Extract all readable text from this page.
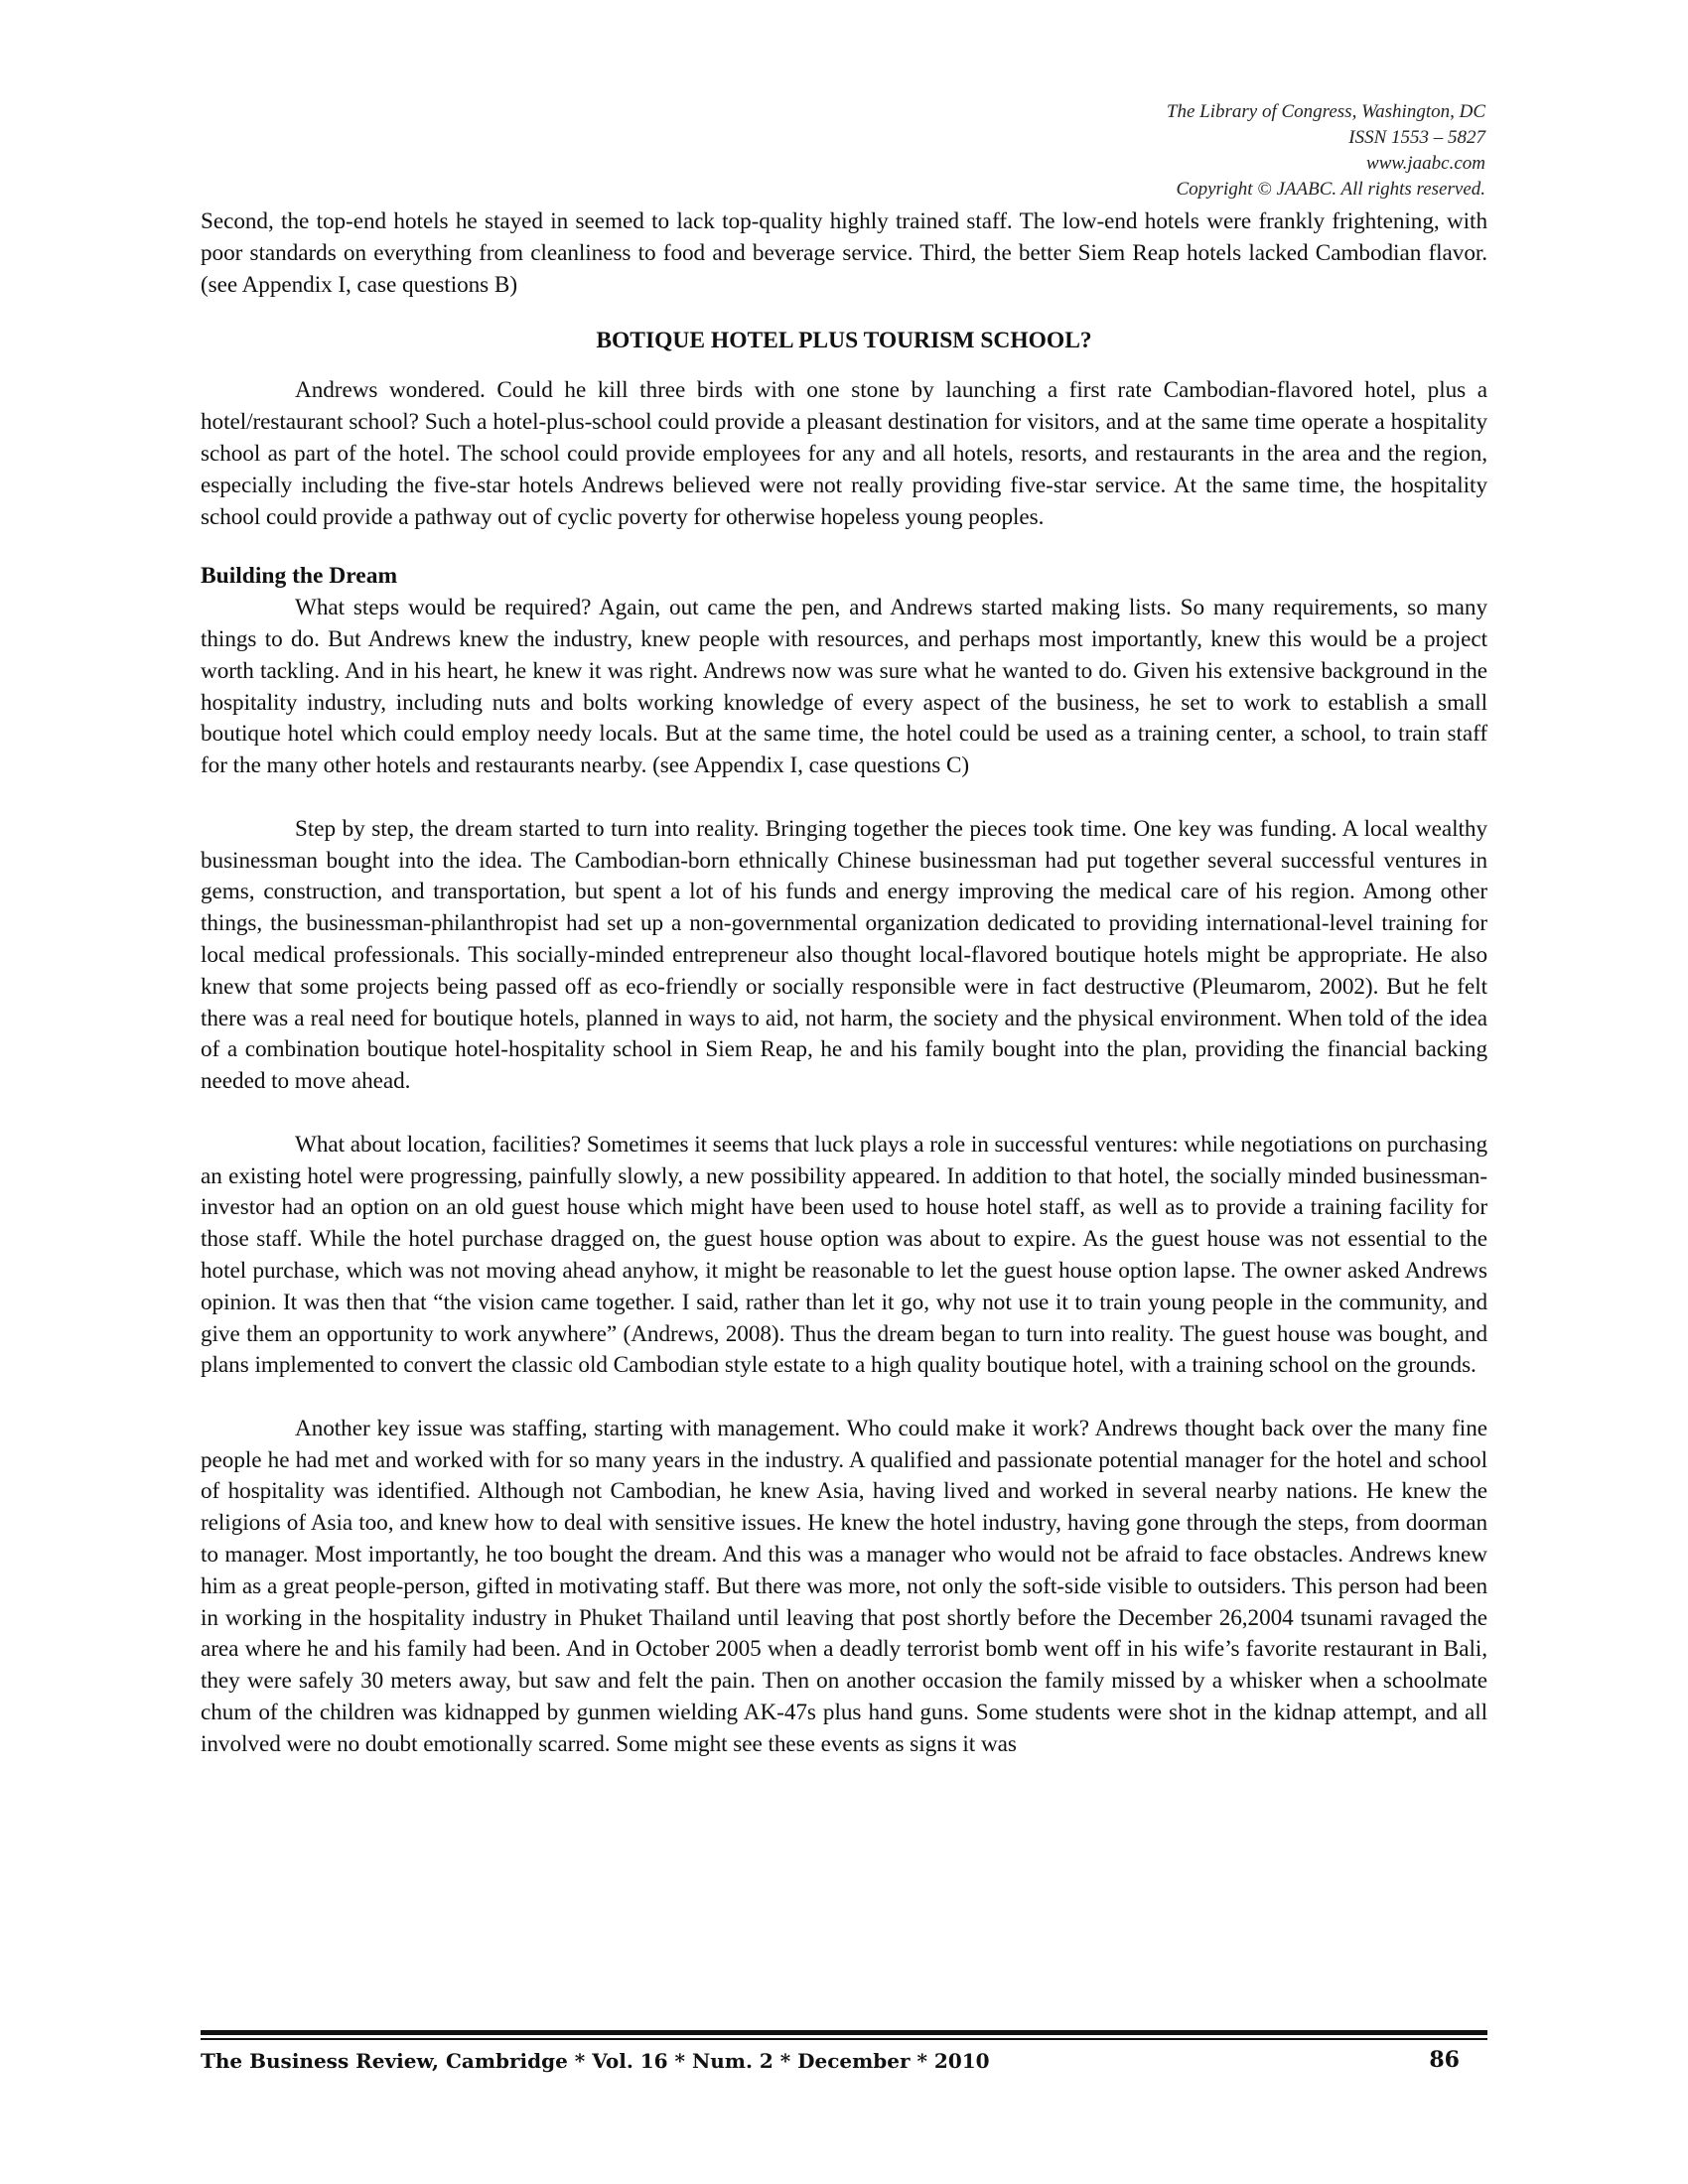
The Library of Congress, Washington, DC
ISSN 1553 – 5827
www.jaabc.com
Copyright © JAABC. All rights reserved.

Second, the top-end hotels he stayed in seemed to lack top-quality highly trained staff. The low-end hotels were frankly frightening, with poor standards on everything from cleanliness to food and beverage service. Third, the better Siem Reap hotels lacked Cambodian flavor. (see Appendix I, case questions B)

BOTIQUE HOTEL PLUS TOURISM SCHOOL?

Andrews wondered. Could he kill three birds with one stone by launching a first rate Cambodian-flavored hotel, plus a hotel/restaurant school? Such a hotel-plus-school could provide a pleasant destination for visitors, and at the same time operate a hospitality school as part of the hotel. The school could provide employees for any and all hotels, resorts, and restaurants in the area and the region, especially including the five-star hotels Andrews believed were not really providing five-star service. At the same time, the hospitality school could provide a pathway out of cyclic poverty for otherwise hopeless young peoples.

Building the Dream

What steps would be required? Again, out came the pen, and Andrews started making lists. So many requirements, so many things to do. But Andrews knew the industry, knew people with resources, and perhaps most importantly, knew this would be a project worth tackling. And in his heart, he knew it was right. Andrews now was sure what he wanted to do. Given his extensive background in the hospitality industry, including nuts and bolts working knowledge of every aspect of the business, he set to work to establish a small boutique hotel which could employ needy locals. But at the same time, the hotel could be used as a training center, a school, to train staff for the many other hotels and restaurants nearby. (see Appendix I, case questions C)

Step by step, the dream started to turn into reality. Bringing together the pieces took time. One key was funding. A local wealthy businessman bought into the idea. The Cambodian-born ethnically Chinese businessman had put together several successful ventures in gems, construction, and transportation, but spent a lot of his funds and energy improving the medical care of his region. Among other things, the businessman-philanthropist had set up a non-governmental organization dedicated to providing international-level training for local medical professionals. This socially-minded entrepreneur also thought local-flavored boutique hotels might be appropriate. He also knew that some projects being passed off as eco-friendly or socially responsible were in fact destructive (Pleumarom, 2002). But he felt there was a real need for boutique hotels, planned in ways to aid, not harm, the society and the physical environment. When told of the idea of a combination boutique hotel-hospitality school in Siem Reap, he and his family bought into the plan, providing the financial backing needed to move ahead.

What about location, facilities? Sometimes it seems that luck plays a role in successful ventures: while negotiations on purchasing an existing hotel were progressing, painfully slowly, a new possibility appeared. In addition to that hotel, the socially minded businessman-investor had an option on an old guest house which might have been used to house hotel staff, as well as to provide a training facility for those staff. While the hotel purchase dragged on, the guest house option was about to expire. As the guest house was not essential to the hotel purchase, which was not moving ahead anyhow, it might be reasonable to let the guest house option lapse. The owner asked Andrews opinion. It was then that “the vision came together. I said, rather than let it go, why not use it to train young people in the community, and give them an opportunity to work anywhere” (Andrews, 2008). Thus the dream began to turn into reality. The guest house was bought, and plans implemented to convert the classic old Cambodian style estate to a high quality boutique hotel, with a training school on the grounds.

Another key issue was staffing, starting with management. Who could make it work? Andrews thought back over the many fine people he had met and worked with for so many years in the industry. A qualified and passionate potential manager for the hotel and school of hospitality was identified. Although not Cambodian, he knew Asia, having lived and worked in several nearby nations. He knew the religions of Asia too, and knew how to deal with sensitive issues. He knew the hotel industry, having gone through the steps, from doorman to manager. Most importantly, he too bought the dream. And this was a manager who would not be afraid to face obstacles. Andrews knew him as a great people-person, gifted in motivating staff. But there was more, not only the soft-side visible to outsiders. This person had been in working in the hospitality industry in Phuket Thailand until leaving that post shortly before the December 26,2004 tsunami ravaged the area where he and his family had been. And in October 2005 when a deadly terrorist bomb went off in his wife’s favorite restaurant in Bali, they were safely 30 meters away, but saw and felt the pain. Then on another occasion the family missed by a whisker when a schoolmate chum of the children was kidnapped by gunmen wielding AK-47s plus hand guns. Some students were shot in the kidnap attempt, and all involved were no doubt emotionally scarred. Some might see these events as signs it was

The Business Review, Cambridge * Vol. 16 * Num. 2 * December * 2010	86
